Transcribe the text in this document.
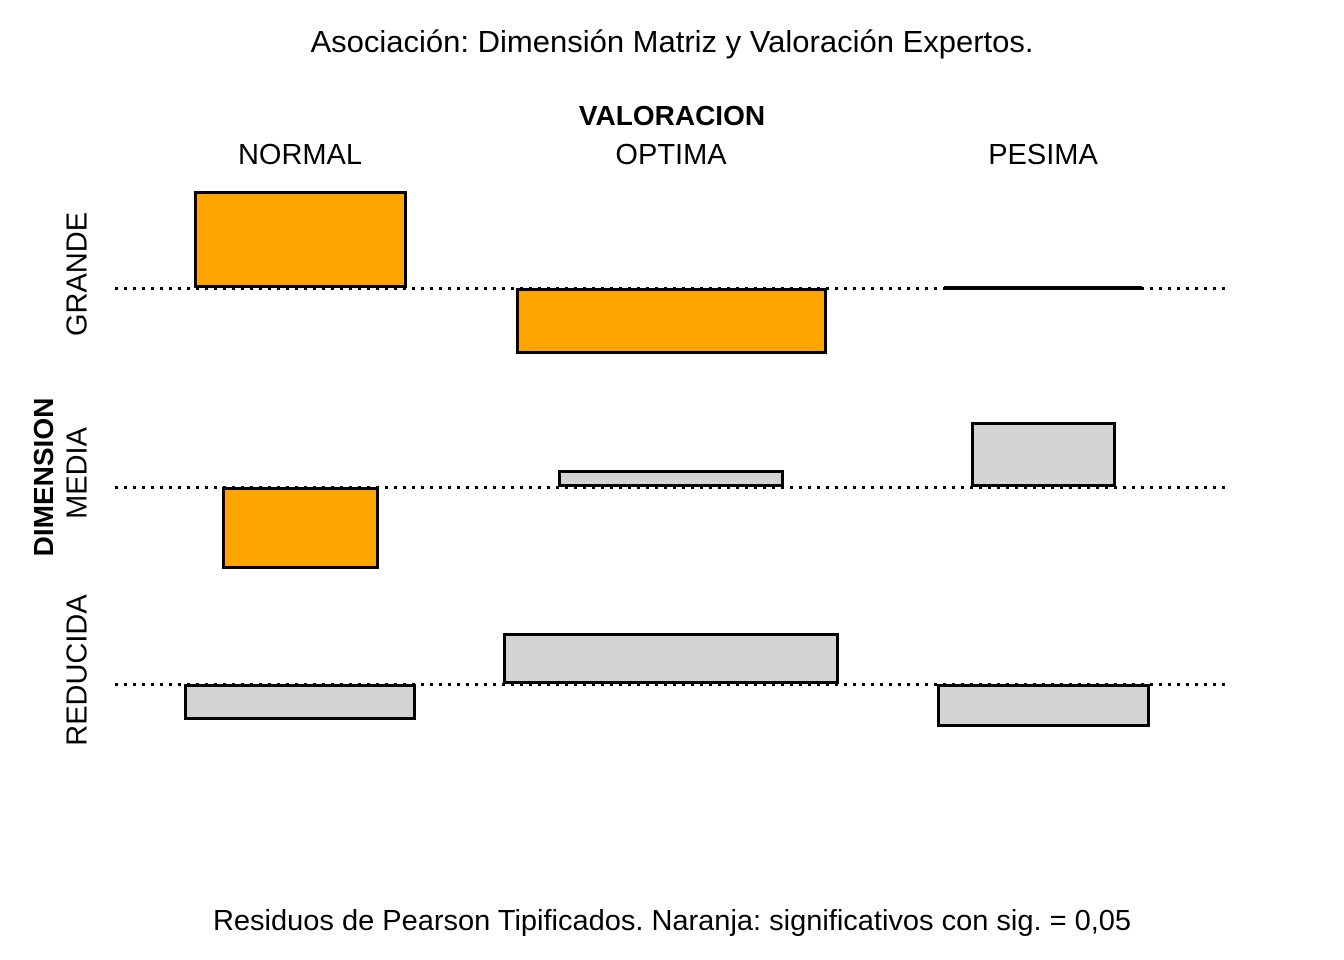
Asociación: Dimensión Matriz y Valoración Expertos.
VALORACION
DIMENSION
Residuos de Pearson Tipificados. Naranja: significativos con sig. = 0,05
NORMAL	OPTIMA	PESIMA
GRANDE
MEDIA
REDUCIDA
